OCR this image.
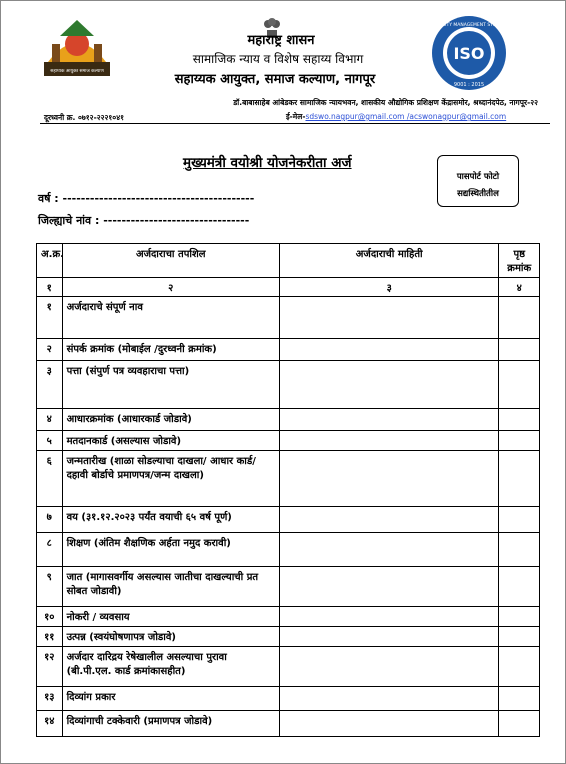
सहाय्यक आयुक्त समाज कल्याण
महाराष्ट्र शासन
सामाजिक न्याय व विशेष सहाय्य विभाग
सहाय्यक आयुक्त, समाज कल्याण, नागपूर
ISO
QUALITY MANAGEMENT SYSTEM
9001 : 2015
डॉ.बाबासाहेब आंबेडकर सामाजिक न्यायभवन, शासकीय औद्योगिक प्रशिक्षण केंद्रासमोर, श्रध्दानंदपेठ, नागपूर-२२
दूरध्वनी क्र. ०७१२-२२२१०४१	ई-मेल-sdswo.nagpur@gmail.com /acswonagpur@gmail.com
मुख्यमंत्री वयोश्री योजनेकरीता अर्ज
पासपोर्ट फोटो
सद्यस्थितीतील
वर्ष : ------------------------------------------
जिल्ह्याचे नांव : --------------------------------
अ.क्र.	अर्जदाराचा तपशिल	अर्जदाराची माहिती	पृष्ठ क्रमांक
१	२	३	४
१	अर्जदाराचे संपूर्ण नाव		
२	संपर्क क्रमांक (मोबाईल /दुरध्वनी क्रमांक)		
३	पत्ता (संपुर्ण पत्र व्यवहाराचा पत्ता)		
४	आधारक्रमांक (आधारकार्ड जोडावे)		
५	मतदानकार्ड (असल्यास जोडावे)		
६	जन्मतारीख (शाळा सोडल्याचा दाखला/ आधार कार्ड/दहावी बोर्डाचे प्रमाणपत्र/जन्म दाखला)		
७	वय (३१.१२.२०२३ पर्यंत वयाची ६५ वर्ष पूर्ण)		
८	शिक्षण (अंतिम शैक्षणिक अर्हता नमुद करावी)		
९	जात (मागासवर्गीय असल्यास जातीचा दाखल्याची प्रत सोबत जोडावी)		
१०	नोकरी / व्यवसाय		
११	उत्पन्न (स्वयंघोषणापत्र जोडावे)		
१२	अर्जदार दारिद्रय रेषेखालील असल्याचा पुरावा (बी.पी.एल. कार्ड क्रमांकासहीत)		
१३	दिव्यांग प्रकार		
१४	दिव्यांगाची टक्केवारी (प्रमाणपत्र जोडावे)		
